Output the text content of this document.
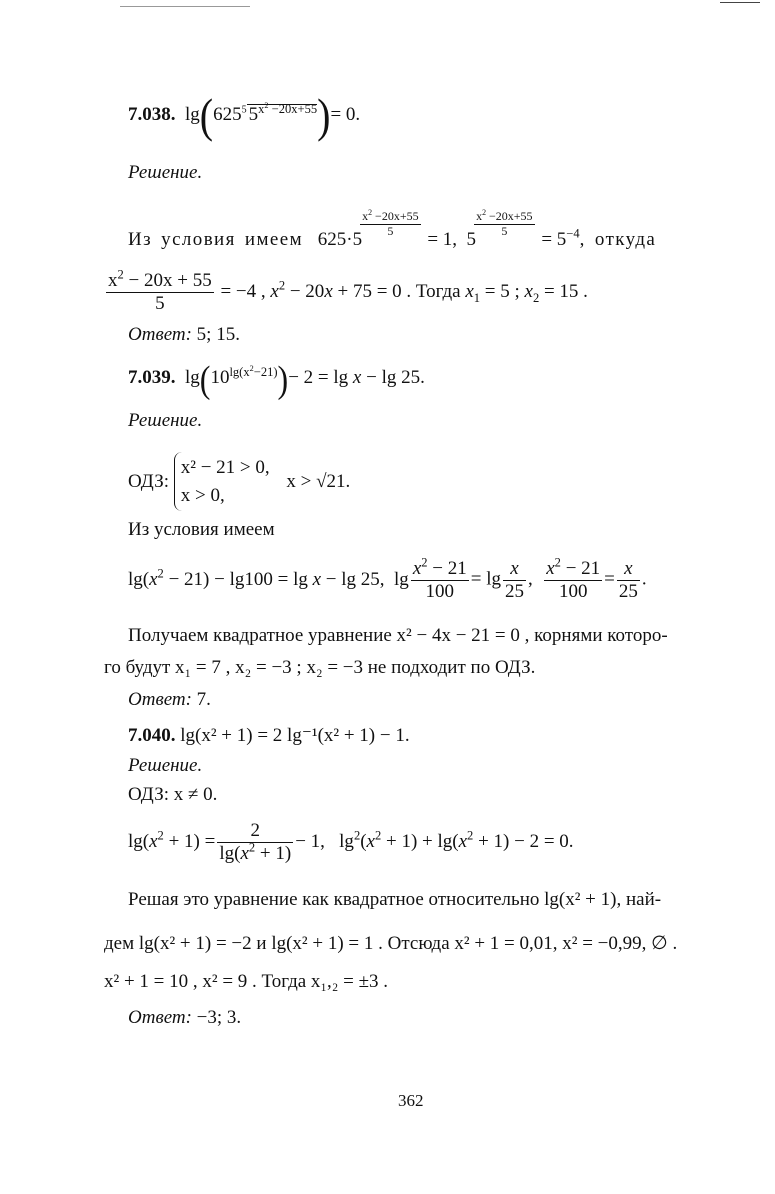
7.038.  $\lg(625^5$ $5^{x^2 -20x+55})= 0$.
Решение.
Из условия имеем 625·5
$\frac{x^2 -20x+55}{5}$
= 1,  5
$\frac{x^2 -20x+55}{5}$
= $5^{-4}$, откуда
$\frac{x^2 - 20x + 55}{5} = -4$ , $x^2 - 20x + 75 = 0$ . Тогда $x_1 = 5$ ; $x_2 = 15$ .
Ответ: 5; 15.
7.039.  $\lg(10^{lg(x^2-21)})- 2 = \lg x - \lg 25$.
Решение.
ОДЗ:
x² − 21 > 0,
x > 0,
x > √21.
Из условия имеем
$\lg(x^2 - 21) - \lg 100 = \lg x - \lg 25$,  $\lg \frac{x^2 - 21}{100} = \lg \frac{x}{25}$ , $\frac{x^2 - 21}{100} = \frac{x}{25}$ .
Получаем квадратное уравнение x² − 4x − 21 = 0 , корнями которо-
го будут x₁ = 7 , x₂ = −3 ; x₂ = −3 не подходит по ОДЗ.
Ответ: 7.
7.040. lg(x² + 1) = 2 lg⁻¹(x² + 1) − 1.
Решение.
ОДЗ: x ≠ 0.
$\lg(x^2 + 1) = \frac{2}{\lg(x^2 + 1)} - 1$,   $\lg^2(x^2 + 1) + \lg(x^2 + 1) - 2 = 0$.
Решая это уравнение как квадратное относительно lg(x² + 1), най-
дем lg(x² + 1) = −2 и lg(x² + 1) = 1 . Отсюда x² + 1 = 0,01, x² = −0,99, ∅ .
x² + 1 = 10 , x² = 9 . Тогда x₁,₂ = ±3 .
Ответ: −3; 3.
362
